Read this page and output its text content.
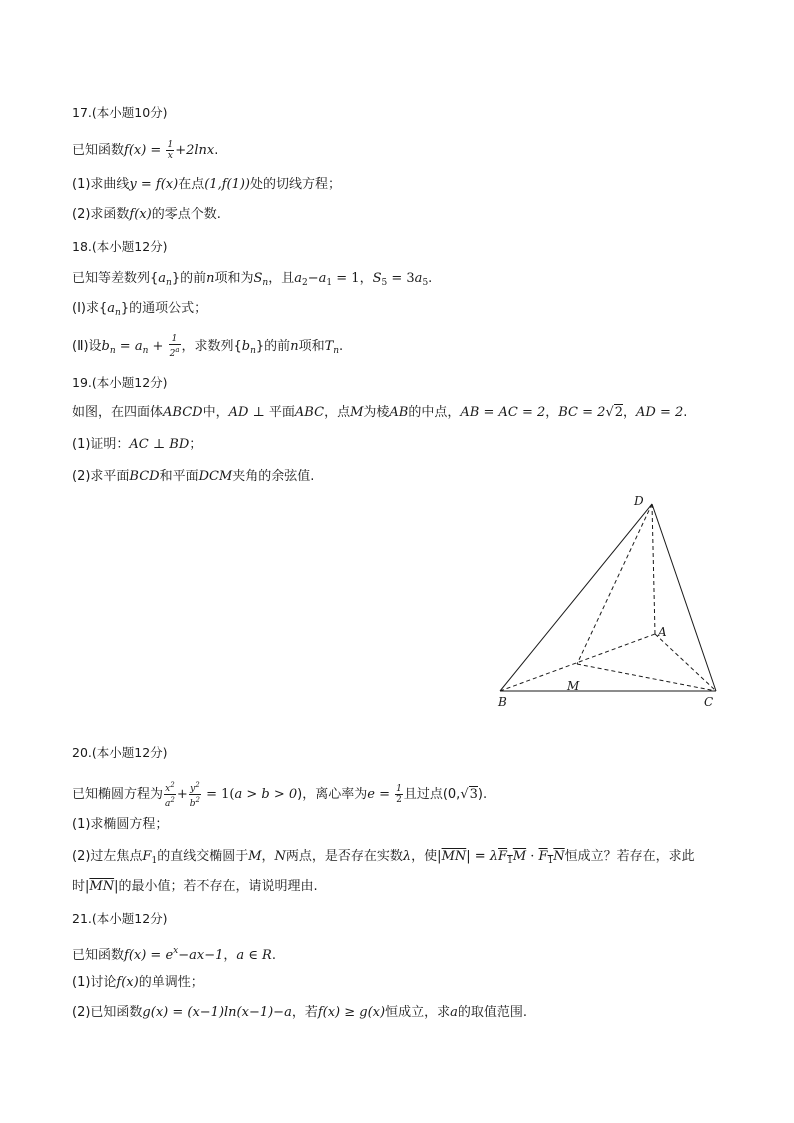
17.(本小题10分)
已知函数$f(x) = \frac{1}{x} +2\ln x$.
(1)求曲线y = f(x)在点(1,f(1))处的切线方程；
(2)求函数f(x)的零点个数.
18.(本小题12分)
已知等差数列$\{a_n\}$的前n项和为$S_n$，且$a_2-a_1 = 1$，$S_5 = 3a_5$.
(Ⅰ)求$\{a_n\}$的通项公式；
(Ⅱ)设$b_n = a_n + \frac{1}{2^a}$ ，求数列$\{b_n\}$的前n项和$T_n$.
19.(本小题12分)
如图，在四面体ABCD中，AD ⊥ 平面ABC，点M为棱AB的中点，AB = AC = 2，BC = 2√2，AD = 2.
(1)证明：AC ⊥ BD；
(2)求平面BCD和平面DCM夹角的余弦值.
D
A
M
B	C
20.(本小题12分)
已知椭圆方程为 $\frac{x^2}{a^2} + \frac{y^2}{b^2} = 1(a > b > 0)$，离心率为$e = \frac{1}{2}$ 且过点(0,√3).
(1)求椭圆方程；
(2)过左焦点$F_1$的直线交椭圆于M，N两点，是否存在实数λ，使$|\overline{MN}| = \lambda F_1M \cdot F_1N$恒成立？若存在，求此
时$|\overline{MN}|$的最小值；若不存在，请说明理由.
21.(本小题12分)
已知函数$f(x) = e^x-ax-1$，a ∈ R.
(1)讨论f(x)的单调性；
(2)已知函数g(x) = (x−1)ln(x−1)−a，若f(x) ≥ g(x)恒成立，求a的取值范围.
